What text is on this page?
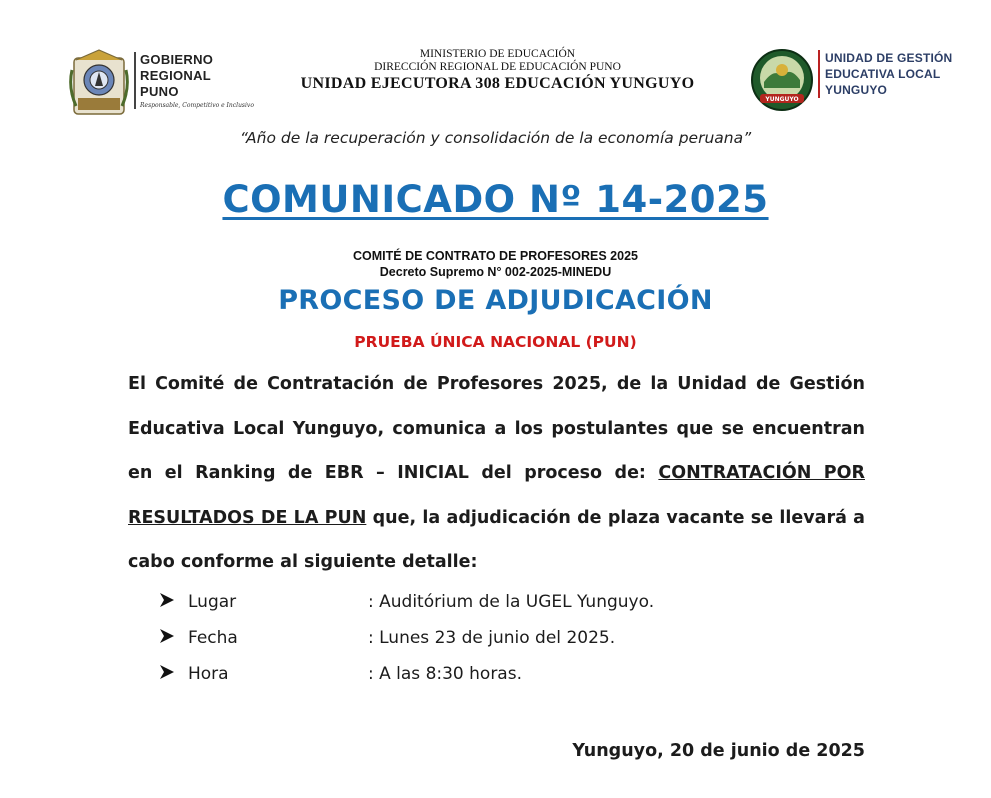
GOBIERNO
REGIONAL
PUNO
Responsable, Competitivo e Inclusivo
MINISTERIO DE EDUCACIÓN
DIRECCIÓN REGIONAL DE EDUCACIÓN PUNO
UNIDAD EJECUTORA 308 EDUCACIÓN YUNGUYO
YUNGUYO
UNIDAD DE GESTIÓN
EDUCATIVA LOCAL
YUNGUYO
“Año de la recuperación y consolidación de la economía peruana”
COMUNICADO Nº 14-2025
COMITÉ DE CONTRATO DE PROFESORES 2025
Decreto Supremo N° 002-2025-MINEDU
PROCESO DE ADJUDICACIÓN
PRUEBA ÚNICA NACIONAL (PUN)
El Comité de Contratación de Profesores 2025, de la Unidad de Gestión Educativa Local Yunguyo, comunica a los postulantes que se encuentran en el Ranking de EBR – INICIAL del proceso de: CONTRATACIÓN POR RESULTADOS DE LA PUN que, la adjudicación de plaza vacante se llevará a cabo conforme al siguiente detalle:
Lugar	: Auditórium de la UGEL Yunguyo.
Fecha	: Lunes 23 de junio del 2025.
Hora	: A las 8:30 horas.
Yunguyo, 20 de junio de 2025
